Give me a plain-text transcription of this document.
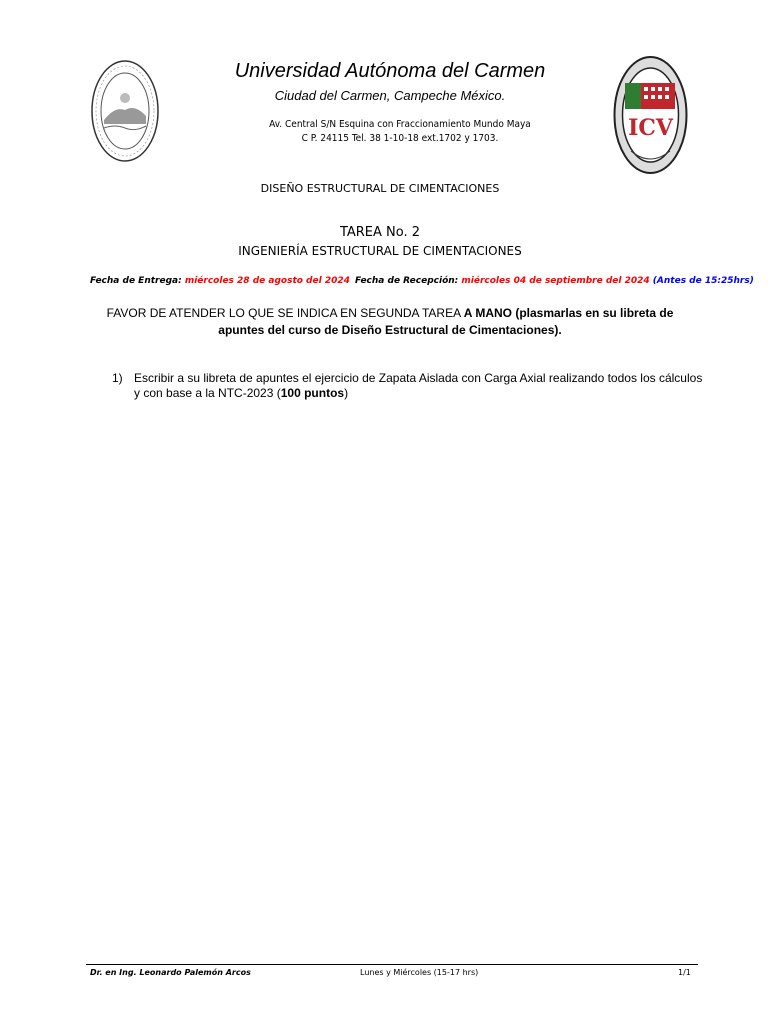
ICV
Universidad Autónoma del Carmen
Ciudad del Carmen, Campeche México.
Av. Central S/N Esquina con Fraccionamiento Mundo Maya
C P. 24115 Tel. 38 1-10-18 ext.1702 y 1703.
DISEÑO ESTRUCTURAL DE CIMENTACIONES
TAREA No. 2
INGENIERÍA ESTRUCTURAL DE CIMENTACIONES
Fecha de Entrega: miércoles 28 de agosto del 2024 Fecha de Recepción: miércoles 04 de septiembre del 2024 (Antes de 15:25hrs)
FAVOR DE ATENDER LO QUE SE INDICA EN SEGUNDA TAREA A MANO (plasmarlas en su libreta de apuntes del curso de Diseño Estructural de Cimentaciones).
1) Escribir a su libreta de apuntes el ejercicio de Zapata Aislada con Carga Axial realizando todos los cálculos y con base a la NTC-2023 (100 puntos)
Dr. en Ing. Leonardo Palemón Arcos	Lunes y Miércoles (15-17 hrs)	1/1
